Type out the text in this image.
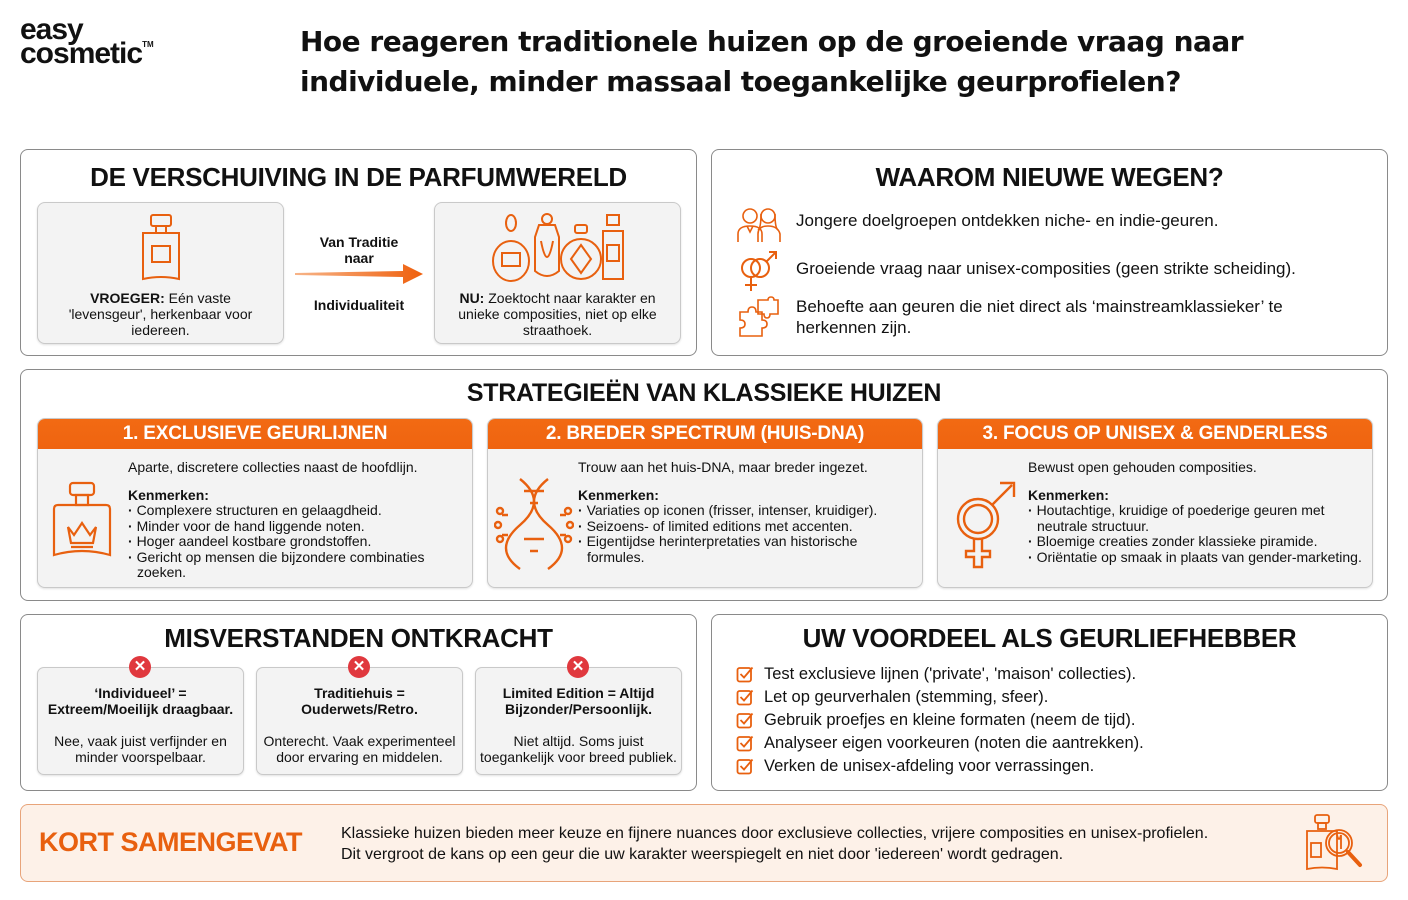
easy
cosmetic™	Hoe reageren traditionele huizen op de groeiende vraag naar individuele, minder massaal toegankelijke geurprofielen?
DE VERSCHUIVING IN DE PARFUMWERELD

VROEGER: Eén vaste 'levensgeur', herkenbaar voor iedereen.

Van Traditie naar
Individualiteit	NU: Zoektocht naar karakter en unieke composities, niet op elke straathoek.

WAAROM NIEUWE WEGEN?
Jongere doelgroepen ontdekken niche- en indie-geuren.
Groeiende vraag naar unisex-composities (geen strikte scheiding).
Behoefte aan geuren die niet direct als ‘mainstreamklassieker’ te herkennen zijn.
STRATEGIEËN VAN KLASSIEKE HUIZEN
1. EXCLUSIEVE GEURLIJNEN

Aparte, discretere collecties naast de hoofdlijn.

Kenmerken:

· Complexere structuren en gelaagdheid.
· Minder voor de hand liggende noten.
· Hoger aandeel kostbare grondstoffen.
· Gericht op mensen die bijzondere combinaties zoeken.
2. BREDER SPECTRUM (HUIS-DNA)

Trouw aan het huis-DNA, maar breder ingezet.

Kenmerken:

· Variaties op iconen (frisser, intenser, kruidiger).
· Seizoens- of limited editions met accenten.
· Eigentijdse herinterpretaties van historische formules.
3. FOCUS OP UNISEX & GENDERLESS

Bewust open gehouden composities.

Kenmerken:

· Houtachtige, kruidige of poederige geuren met neutrale structuur.
· Bloemige creaties zonder klassieke piramide.
· Oriëntatie op smaak in plaats van gender-marketing.
MISVERSTANDEN ONTKRACHT
✕

‘Individueel’ = Extreem/Moeilijk draagbaar.

Nee, vaak juist verfijnder en minder voorspelbaar.

✕

Traditiehuis = Ouderwets/Retro.

Onterecht. Vaak experimenteel door ervaring en middelen.

✕

Limited Edition = Altijd Bijzonder/Persoonlijk.

Niet altijd. Soms juist toegankelijk voor breed publiek.

UW VOORDEEL ALS GEURLIEFHEBBER
Test exclusieve lijnen ('private', 'maison' collecties).
Let op geurverhalen (stemming, sfeer).
Gebruik proefjes en kleine formaten (neem de tijd).
Analyseer eigen voorkeuren (noten die aantrekken).
Verken de unisex-afdeling voor verrassingen.
KORT SAMENGEVAT Klassieke huizen bieden meer keuze en fijnere nuances door exclusieve collecties, vrijere composities en unisex-profielen.

Dit vergroot de kans op een geur die uw karakter weerspiegelt en niet door 'iedereen' wordt gedragen.
